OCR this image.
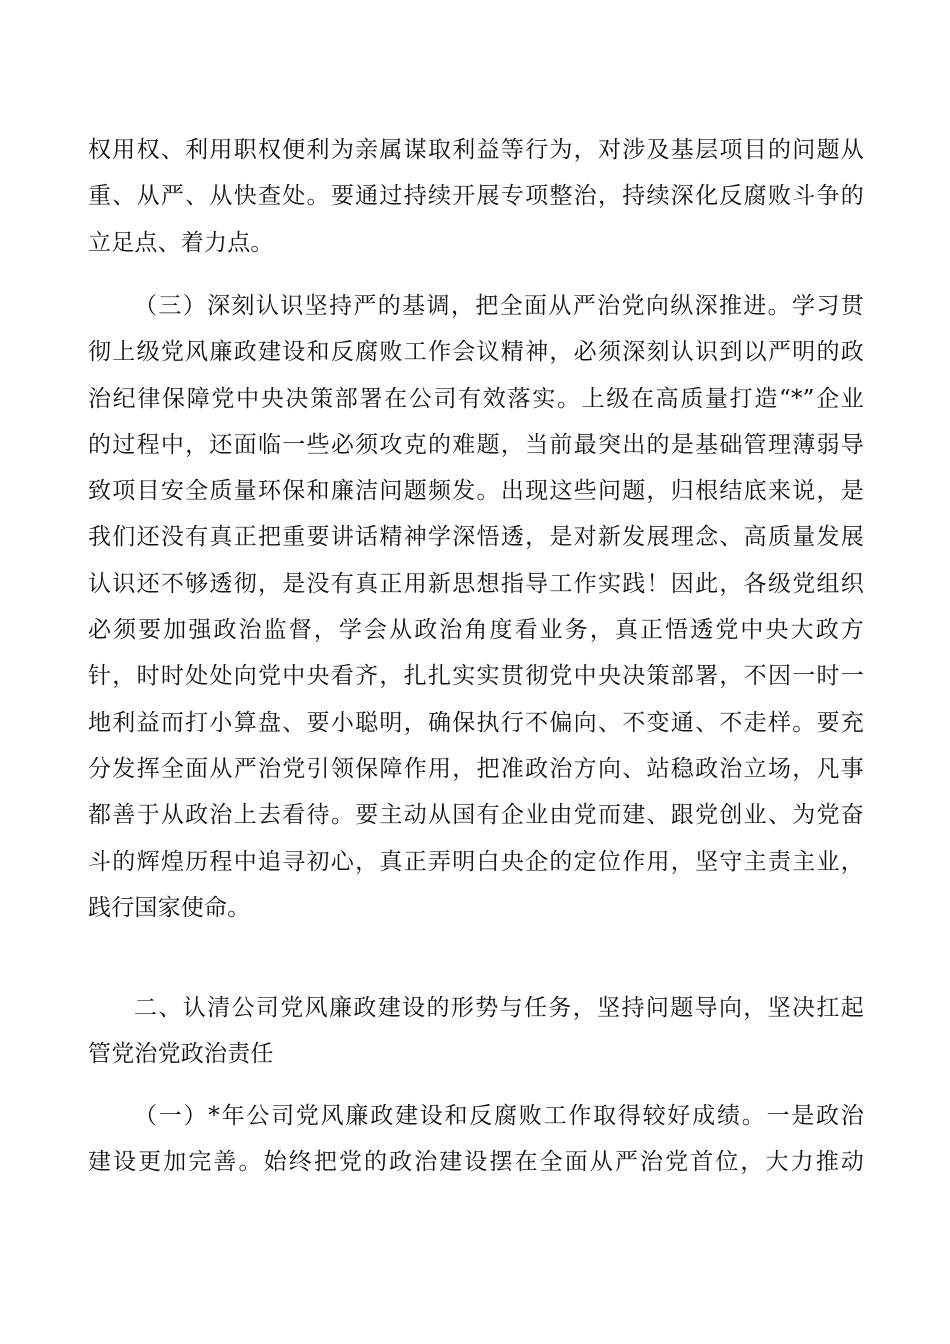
权用权、利用职权便利为亲属谋取利益等行为，对涉及基层项目的问题从
重、从严、从快查处。要通过持续开展专项整治，持续深化反腐败斗争的
立足点、着力点。
（三）深刻认识坚持严的基调，把全面从严治党向纵深推进。学习贯
彻上级党风廉政建设和反腐败工作会议精神，必须深刻认识到以严明的政
治纪律保障党中央决策部署在公司有效落实。上级在高质量打造“*”企业
的过程中，还面临一些必须攻克的难题，当前最突出的是基础管理薄弱导
致项目安全质量环保和廉洁问题频发。出现这些问题，归根结底来说，是
我们还没有真正把重要讲话精神学深悟透，是对新发展理念、高质量发展
认识还不够透彻，是没有真正用新思想指导工作实践！因此，各级党组织
必须要加强政治监督，学会从政治角度看业务，真正悟透党中央大政方
针，时时处处向党中央看齐，扎扎实实贯彻党中央决策部署，不因一时一
地利益而打小算盘、要小聪明，确保执行不偏向、不变通、不走样。要充
分发挥全面从严治党引领保障作用，把准政治方向、站稳政治立场，凡事
都善于从政治上去看待。要主动从国有企业由党而建、跟党创业、为党奋
斗的辉煌历程中追寻初心，真正弄明白央企的定位作用，坚守主责主业，
践行国家使命。
二、认清公司党风廉政建设的形势与任务，坚持问题导向，坚决扛起
管党治党政治责任
（一）*年公司党风廉政建设和反腐败工作取得较好成绩。一是政治
建设更加完善。始终把党的政治建设摆在全面从严治党首位，大力推动
